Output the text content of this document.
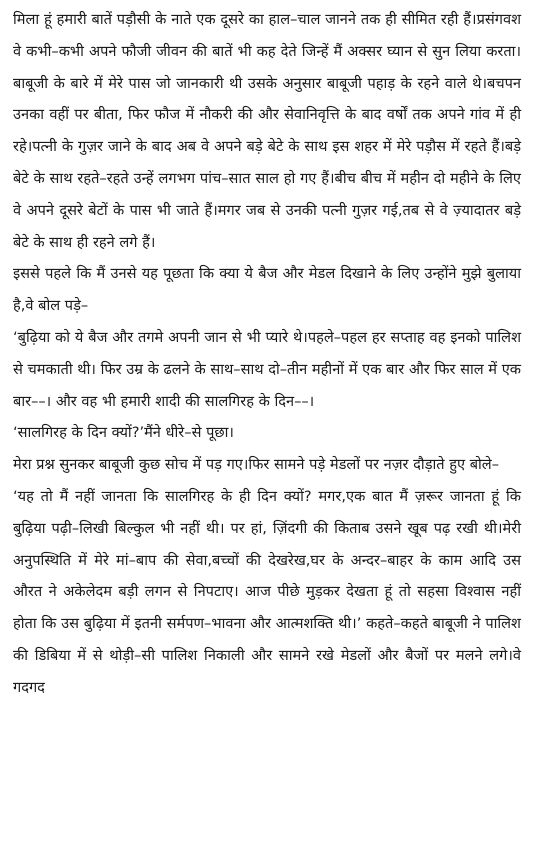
मिला हूं हमारी बातें पड़ौसी के नाते एक दूसरे का हाल–चाल जानने तक ही सीमित रही हैं।प्रसंगवश वे कभी–कभी अपने फौजी जीवन की बातें भी कह देते जिन्हें मैं अक्सर घ्यान से सुन लिया करता।बाबूजी के बारे में मेरे पास जो जानकारी थी उसके अनुसार बाबूजी पहाड़ के रहने वाले थे।बचपन उनका वहीं पर बीता, फिर फौज में नौकरी की और सेवानिवृत्ति के बाद वर्षों तक अपने गांव में ही रहे।पत्नी के गुज़र जाने के बाद अब वे अपने बड़े बेटे के साथ इस शहर में मेरे पड़ौस में रहते हैं।बड़े बेटे के साथ रहते–रहते उन्हें लगभग पांच–सात साल हो गए हैं।बीच बीच में महीन दो महीने के लिए वे अपने दूसरे बेटों के पास भी जाते हैं।मगर जब से उनकी पत्नी गुज़र गई,तब से वे ज़्यादातर बड़े बेटे के साथ ही रहने लगे हैं।

इससे पहले कि मैं उनसे यह पूछता कि क्या ये बैज और मेडल दिखाने के लिए उन्होंने मुझे बुलाया है,वे बोल पड़े–

‘बुढ़िया को ये बैज और तगमे अपनी जान से भी प्यारे थे।पहले–पहल हर सप्ताह वह इनको पालिश से चमकाती थी। फिर उम्र के ढलने के साथ–साथ दो–तीन महीनों में एक बार और फिर साल में एक बार––। और वह भी हमारी शादी की सालगिरह के दिन––।

‘सालगिरह के दिन क्यों?’मैंने धीरे–से पूछा।

मेरा प्रश्न सुनकर बाबूजी कुछ सोच में पड़ गए।फिर सामने पड़े मेडलों पर नज़र दौड़ाते हुए बोले–

‘यह तो मैं नहीं जानता कि सालगिरह के ही दिन क्यों? मगर,एक बात मैं ज़रूर जानता हूं कि बुढ़िया पढ़ी–लिखी बिल्कुल भी नहीं थी। पर हां, ज़िंदगी की किताब उसने खूब पढ़ रखी थी।मेरी अनुपस्थिति में मेरे मां–बाप की सेवा,बच्चों की देखरेख,घर के अन्दर–बाहर के काम आदि उस औरत ने अकेलेदम बड़ी लगन से निपटाए। आज पीछे मुड़कर देखता हूं तो सहसा विश्वास नहीं होता कि उस बुढ़िया में इतनी सर्मपण–भावना और आत्मशक्ति थी।’ कहते–कहते बाबूजी ने पालिश की डिबिया में से थोड़ी–सी पालिश निकाली और सामने रखे मेडलों और बैजों पर मलने लगे।वे गदगद
